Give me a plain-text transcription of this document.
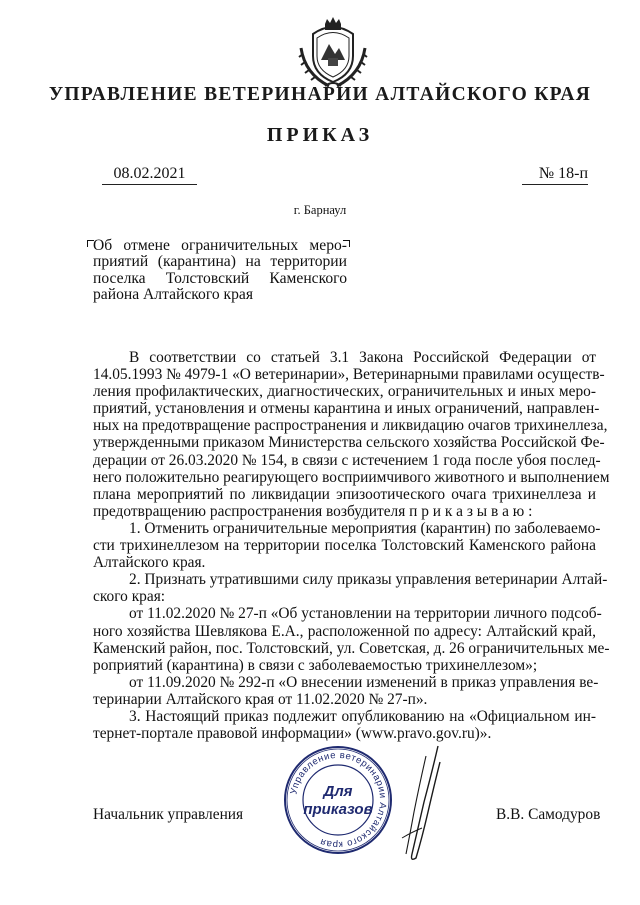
УПРАВЛЕНИЕ ВЕТЕРИНАРИИ АЛТАЙСКОГО КРАЯ
ПРИКАЗ
08.02.2021	№ 18-п
г. Барнаул
Об отмене ограничительных меро-
приятий (карантина) на территории
поселка Толстовский Каменского
района Алтайского края
В соответствии со статьей 3.1 Закона Российской Федерации от
14.05.1993 № 4979-1 «О ветеринарии», Ветеринарными правилами осуществ-
ления профилактических, диагностических, ограничительных и иных меро-
приятий, установления и отмены карантина и иных ограничений, направлен-
ных на предотвращение распространения и ликвидацию очагов трихинеллеза,
утвержденными приказом Министерства сельского хозяйства Российской Фе-
дерации от 26.03.2020 № 154, в связи с истечением 1 года после убоя послед-
него положительно реагирующего восприимчивого животного и выполнением
плана мероприятий по ликвидации эпизоотического очага трихинеллеза и
предотвращению распространения возбудителя п р и к а з ы в а ю :
1. Отменить ограничительные мероприятия (карантин) по заболеваемо-
сти трихинеллезом на территории поселка Толстовский Каменского района
Алтайского края.
2. Признать утратившими силу приказы управления ветеринарии Алтай-
ского края:
от 11.02.2020 № 27-п «Об установлении на территории личного подсоб-
ного хозяйства Шевлякова Е.А., расположенной по адресу: Алтайский край,
Каменский район, пос. Толстовский, ул. Советская, д. 26 ограничительных ме-
роприятий (карантина) в связи с заболеваемостью трихинеллезом»;
от 11.09.2020 № 292-п «О внесении изменений в приказ управления ве-
теринарии Алтайского края от 11.02.2020 № 27-п».
3. Настоящий приказ подлежит опубликованию на «Официальном ин-
тернет-портале правовой информации» (www.pravo.gov.ru)».
Начальник управления	В.В. Самодуров
Управление ветеринарии Алтайского края
Для
приказов
